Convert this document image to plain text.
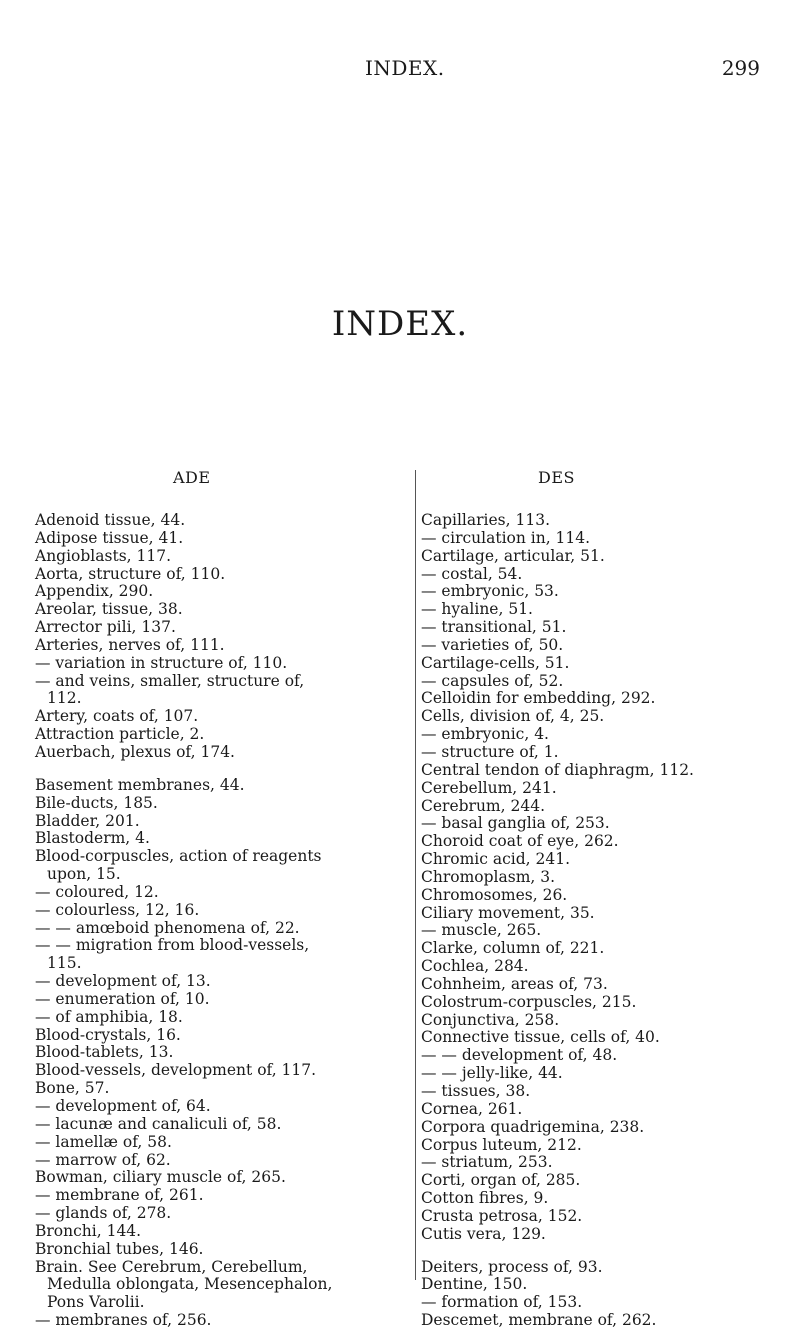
INDEX.	299
INDEX.
ADE	DES
Adenoid tissue, 44.
Adipose tissue, 41.
Angioblasts, 117.
Aorta, structure of, 110.
Appendix, 290.
Areolar, tissue, 38.
Arrector pili, 137.
Arteries, nerves of, 111.
— variation in structure of, 110.
— and veins, smaller, structure of,
112.
Artery, coats of, 107.
Attraction particle, 2.
Auerbach, plexus of, 174.
Basement membranes, 44.
Bile-ducts, 185.
Bladder, 201.
Blastoderm, 4.
Blood-corpuscles, action of reagents
upon, 15.
— coloured, 12.
— colourless, 12, 16.
— — amœboid phenomena of, 22.
— — migration from blood-vessels,
115.
— development of, 13.
— enumeration of, 10.
— of amphibia, 18.
Blood-crystals, 16.
Blood-tablets, 13.
Blood-vessels, development of, 117.
Bone, 57.
— development of, 64.
— lacunæ and canaliculi of, 58.
— lamellæ of, 58.
— marrow of, 62.
Bowman, ciliary muscle of, 265.
— membrane of, 261.
— glands of, 278.
Bronchi, 144.
Bronchial tubes, 146.
Brain. See Cerebrum, Cerebellum,
Medulla oblongata, Mesencephalon,
Pons Varolii.
— membranes of, 256.
Capillaries, 113.
— circulation in, 114.
Cartilage, articular, 51.
— costal, 54.
— embryonic, 53.
— hyaline, 51.
— transitional, 51.
— varieties of, 50.
Cartilage-cells, 51.
— capsules of, 52.
Celloidin for embedding, 292.
Cells, division of, 4, 25.
— embryonic, 4.
— structure of, 1.
Central tendon of diaphragm, 112.
Cerebellum, 241.
Cerebrum, 244.
— basal ganglia of, 253.
Choroid coat of eye, 262.
Chromic acid, 241.
Chromoplasm, 3.
Chromosomes, 26.
Ciliary movement, 35.
— muscle, 265.
Clarke, column of, 221.
Cochlea, 284.
Cohnheim, areas of, 73.
Colostrum-corpuscles, 215.
Conjunctiva, 258.
Connective tissue, cells of, 40.
— — development of, 48.
— — jelly-like, 44.
— tissues, 38.
Cornea, 261.
Corpora quadrigemina, 238.
Corpus luteum, 212.
— striatum, 253.
Corti, organ of, 285.
Cotton fibres, 9.
Crusta petrosa, 152.
Cutis vera, 129.
Deiters, process of, 93.
Dentine, 150.
— formation of, 153.
Descemet, membrane of, 262.
